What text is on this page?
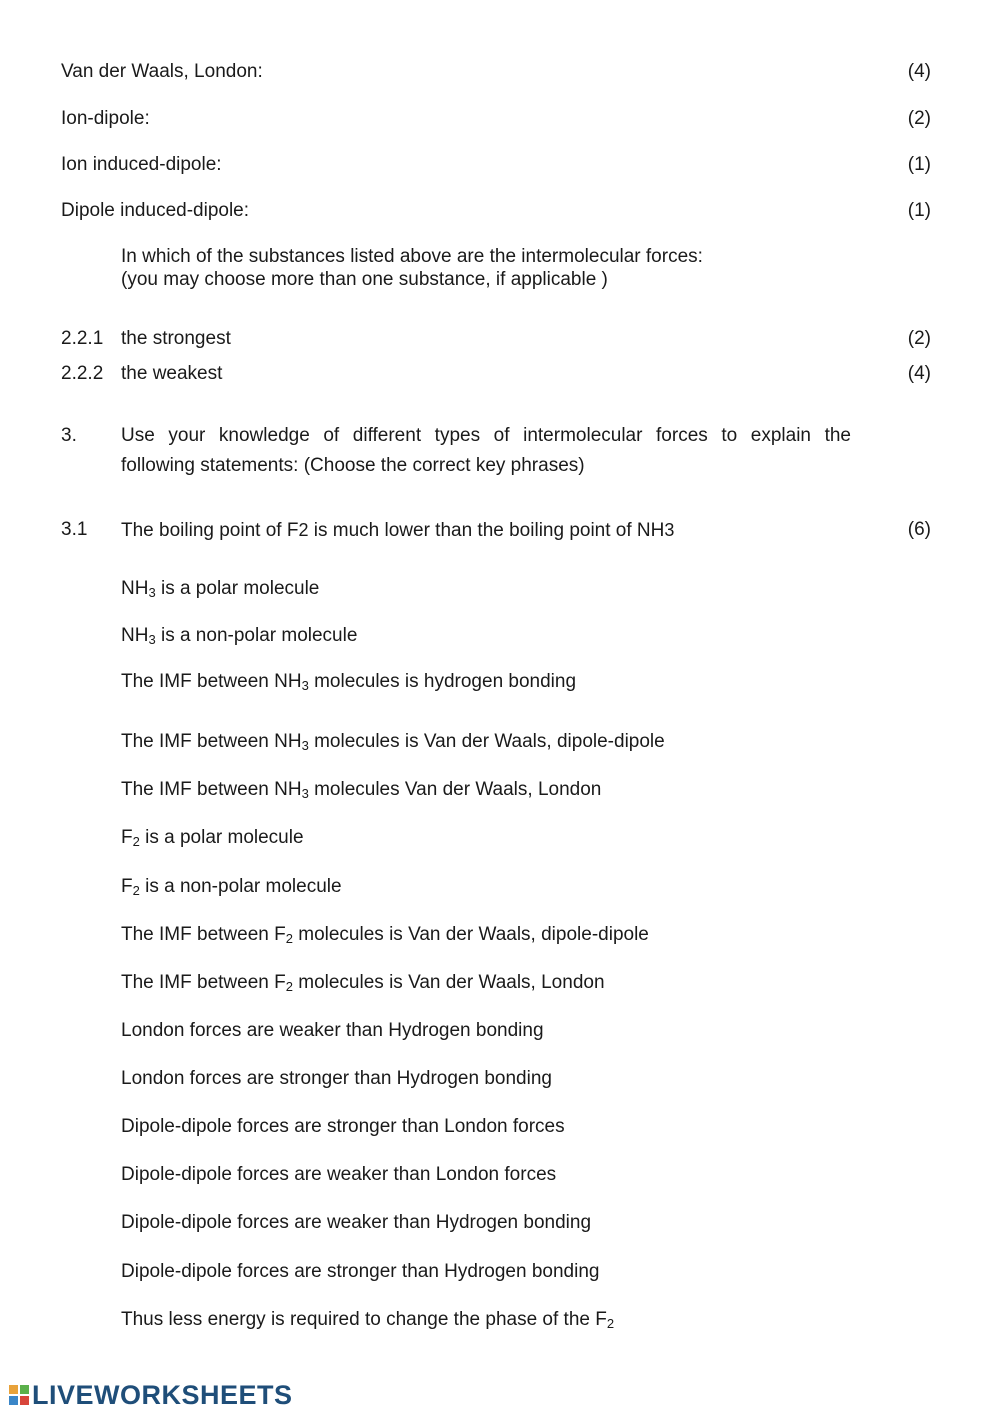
Van der Waals, London:	(4)
Ion-dipole:	(2)
Ion induced-dipole:	(1)
Dipole induced-dipole:	(1)
In which of the substances listed above are the intermolecular forces:
(you may choose more than one substance, if applicable )
2.2.1 the strongest	(2)
2.2.2 the weakest	(4)
3. Use your knowledge of different types of intermolecular forces to explain the
following statements: (Choose the correct key phrases)
3.1 The boiling point of F2 is much lower than the boiling point of NH3	(6)
$NH_3$ is a polar molecule
$NH_3$ is a non-polar molecule
The IMF between $NH_3$ molecules is hydrogen bonding
The IMF between $NH_3$ molecules is Van der Waals, dipole-dipole
The IMF between $NH_3$ molecules Van der Waals, London
$F_2$ is a polar molecule
$F_2$ is a non-polar molecule
The IMF between $F_2$ molecules is Van der Waals, dipole-dipole
The IMF between $F_2$ molecules is Van der Waals, London
London forces are weaker than Hydrogen bonding
London forces are stronger than Hydrogen bonding
Dipole-dipole forces are stronger than London forces
Dipole-dipole forces are weaker than London forces
Dipole-dipole forces are weaker than Hydrogen bonding
Dipole-dipole forces are stronger than Hydrogen bonding
Thus less energy is required to change the phase of the $F_2$
LIVEWORKSHEETS
